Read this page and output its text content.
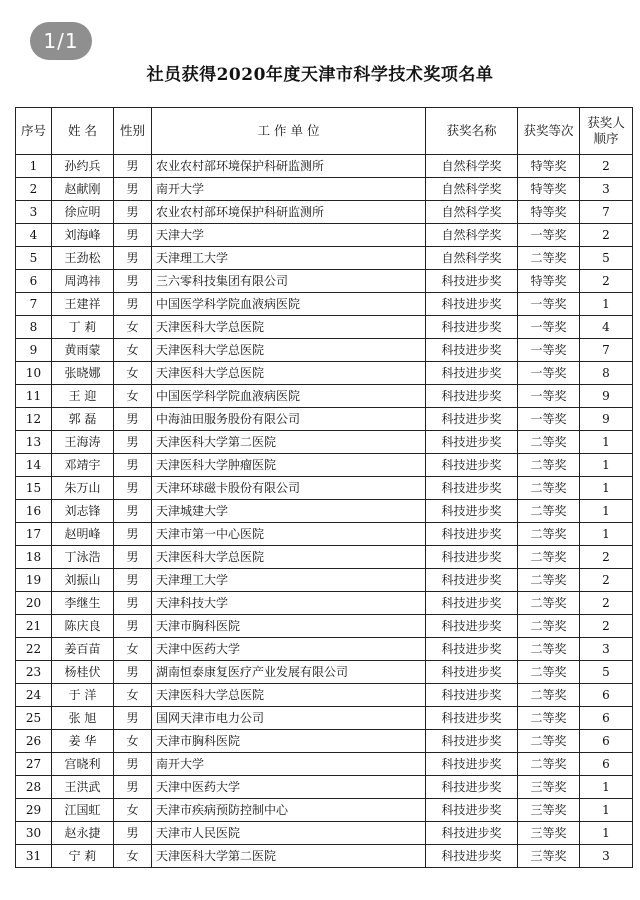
1/1
社员获得2020年度天津市科学技术奖项名单
序号	姓 名	性别	工 作 单 位	获奖名称	获奖等次	获奖人顺序
1	孙约兵	男	农业农村部环境保护科研监测所	自然科学奖	特等奖	2
2	赵献刚	男	南开大学	自然科学奖	特等奖	3
3	徐应明	男	农业农村部环境保护科研监测所	自然科学奖	特等奖	7
4	刘海峰	男	天津大学	自然科学奖	一等奖	2
5	王劲松	男	天津理工大学	自然科学奖	二等奖	5
6	周鸿祎	男	三六零科技集团有限公司	科技进步奖	特等奖	2
7	王建祥	男	中国医学科学院血液病医院	科技进步奖	一等奖	1
8	丁 莉	女	天津医科大学总医院	科技进步奖	一等奖	4
9	黄雨蒙	女	天津医科大学总医院	科技进步奖	一等奖	7
10	张晓娜	女	天津医科大学总医院	科技进步奖	一等奖	8
11	王 迎	女	中国医学科学院血液病医院	科技进步奖	一等奖	9
12	郭 磊	男	中海油田服务股份有限公司	科技进步奖	一等奖	9
13	王海涛	男	天津医科大学第二医院	科技进步奖	二等奖	1
14	邓靖宇	男	天津医科大学肿瘤医院	科技进步奖	二等奖	1
15	朱万山	男	天津环球磁卡股份有限公司	科技进步奖	二等奖	1
16	刘志锋	男	天津城建大学	科技进步奖	二等奖	1
17	赵明峰	男	天津市第一中心医院	科技进步奖	二等奖	1
18	丁泳浩	男	天津医科大学总医院	科技进步奖	二等奖	2
19	刘振山	男	天津理工大学	科技进步奖	二等奖	2
20	李继生	男	天津科技大学	科技进步奖	二等奖	2
21	陈庆良	男	天津市胸科医院	科技进步奖	二等奖	2
22	姜百苗	女	天津中医药大学	科技进步奖	二等奖	3
23	杨桂伏	男	湖南恒泰康复医疗产业发展有限公司	科技进步奖	二等奖	5
24	于 洋	女	天津医科大学总医院	科技进步奖	二等奖	6
25	张 旭	男	国网天津市电力公司	科技进步奖	二等奖	6
26	姜 华	女	天津市胸科医院	科技进步奖	二等奖	6
27	宫晓利	男	南开大学	科技进步奖	二等奖	6
28	王洪武	男	天津中医药大学	科技进步奖	三等奖	1
29	江国虹	女	天津市疾病预防控制中心	科技进步奖	三等奖	1
30	赵永捷	男	天津市人民医院	科技进步奖	三等奖	1
31	宁 莉	女	天津医科大学第二医院	科技进步奖	三等奖	3
